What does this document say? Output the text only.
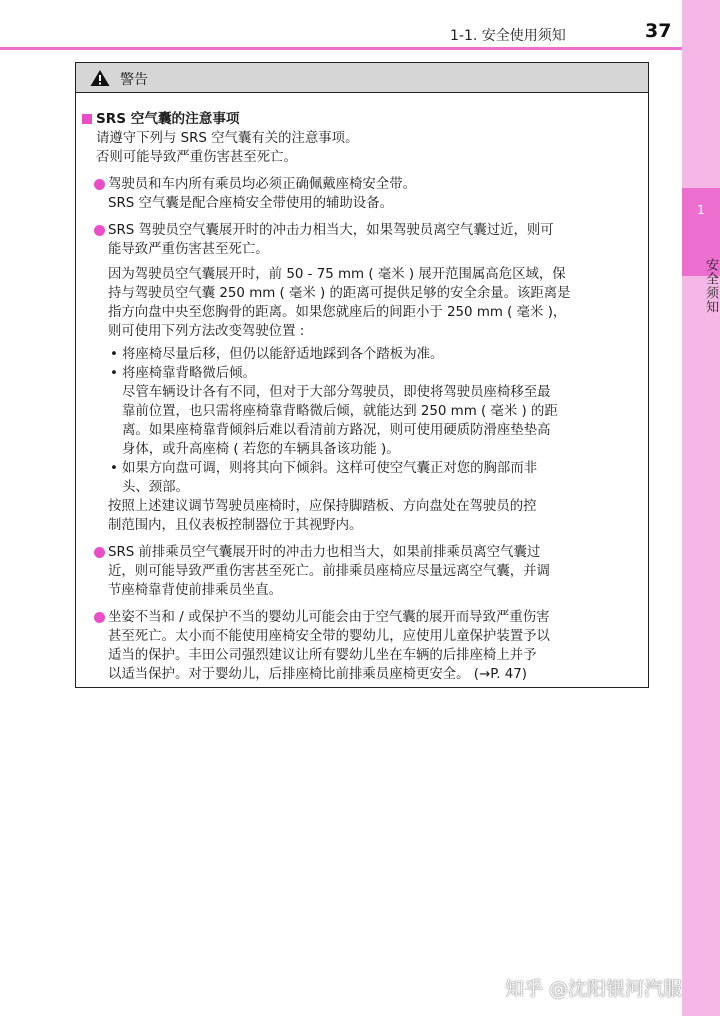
1
安全须知
1-1. 安全使用须知	37
警告
SRS 空气囊的注意事项
请遵守下列与 SRS 空气囊有关的注意事项。
否则可能导致严重伤害甚至死亡。
驾驶员和车内所有乘员均必须正确佩戴座椅安全带。
SRS 空气囊是配合座椅安全带使用的辅助设备。
SRS 驾驶员空气囊展开时的冲击力相当大，如果驾驶员离空气囊过近，则可
能导致严重伤害甚至死亡。
因为驾驶员空气囊展开时，前 50 - 75 mm ( 毫米 ) 展开范围属高危区域，保
持与驾驶员空气囊 250 mm ( 毫米 ) 的距离可提供足够的安全余量。该距离是
指方向盘中央至您胸骨的距离。如果您就座后的间距小于 250 mm ( 毫米 )，
则可使用下列方法改变驾驶位置 :
• 将座椅尽量后移，但仍以能舒适地踩到各个踏板为准。
• 将座椅靠背略微后倾。
尽管车辆设计各有不同，但对于大部分驾驶员，即使将驾驶员座椅移至最
靠前位置，也只需将座椅靠背略微后倾，就能达到 250 mm ( 毫米 ) 的距
离。如果座椅靠背倾斜后难以看清前方路况，则可使用硬质防滑座垫垫高
身体，或升高座椅 ( 若您的车辆具备该功能 )。
• 如果方向盘可调，则将其向下倾斜。这样可使空气囊正对您的胸部而非
头、颈部。
按照上述建议调节驾驶员座椅时，应保持脚踏板、方向盘处在驾驶员的控
制范围内，且仪表板控制器位于其视野内。
SRS 前排乘员空气囊展开时的冲击力也相当大，如果前排乘员离空气囊过
近，则可能导致严重伤害甚至死亡。前排乘员座椅应尽量远离空气囊，并调
节座椅靠背使前排乘员坐直。
坐姿不当和 / 或保护不当的婴幼儿可能会由于空气囊的展开而导致严重伤害
甚至死亡。太小而不能使用座椅安全带的婴幼儿，应使用儿童保护装置予以
适当的保护。丰田公司强烈建议让所有婴幼儿坐在车辆的后排座椅上并予
以适当保护。对于婴幼儿，后排座椅比前排乘员座椅更安全。 (→P. 47)
知乎 @沈阳银河汽服
